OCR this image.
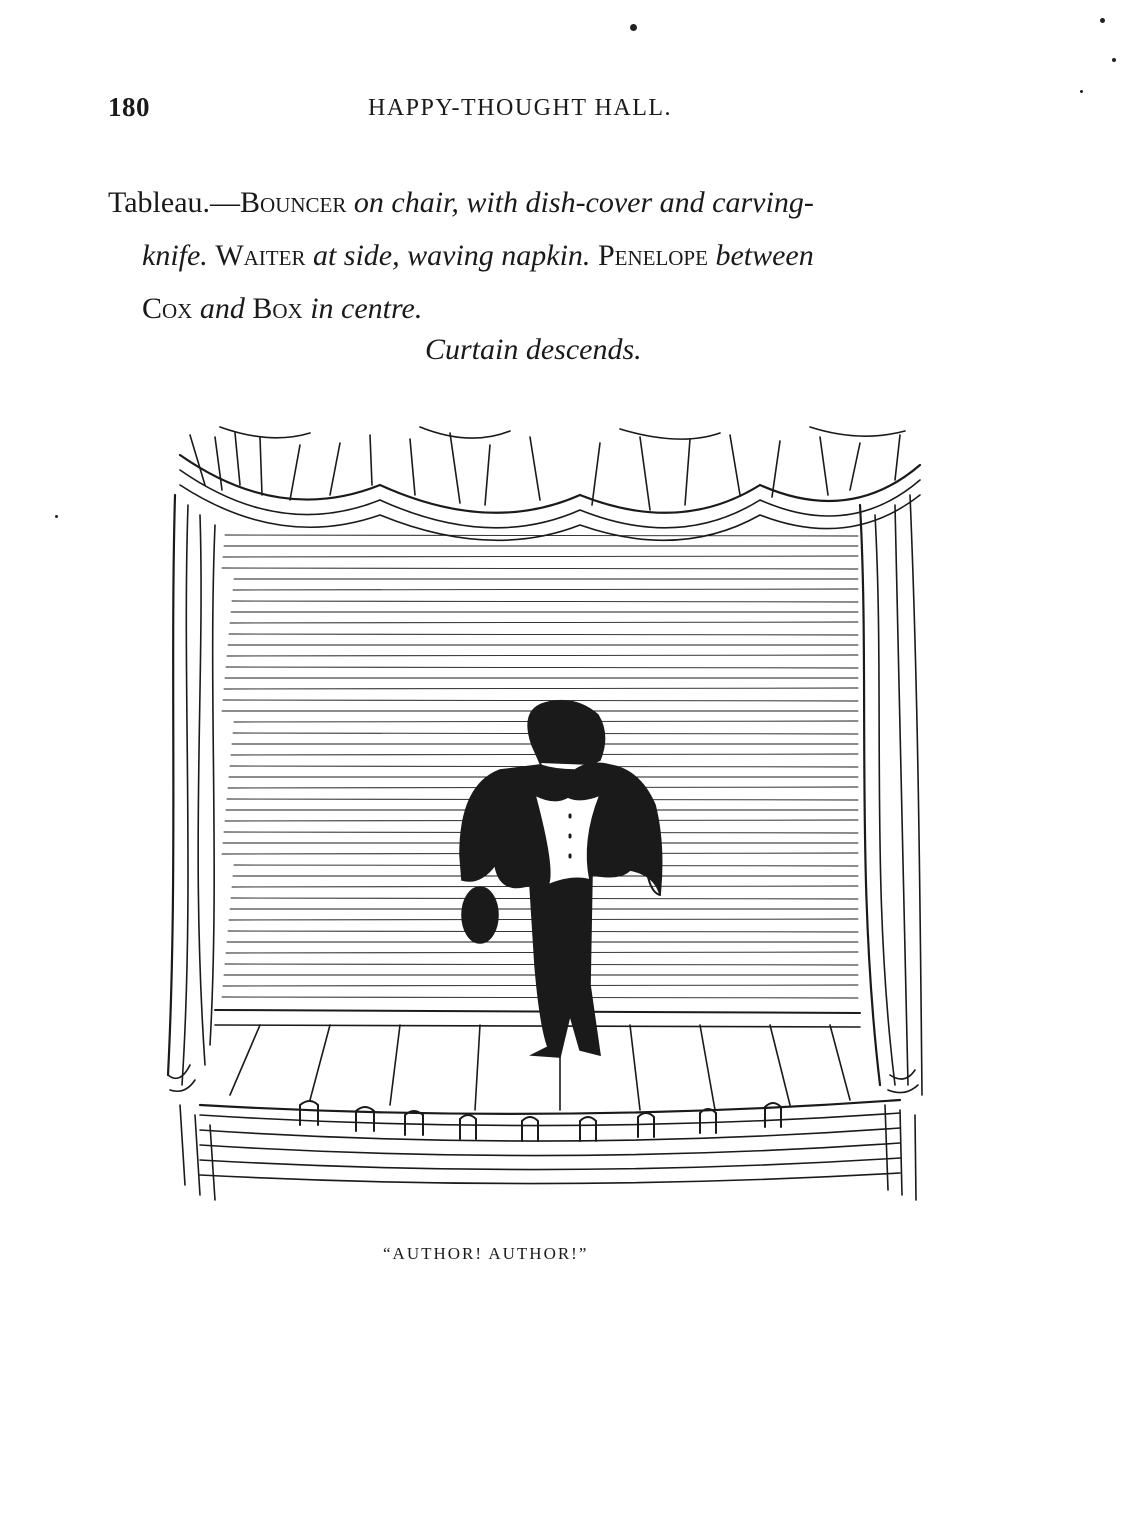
180	HAPPY-THOUGHT HALL.
Tableau.—Bouncer on chair, with dish-cover and carving-
knife. Waiter at side, waving napkin. Penelope between
Cox and Box in centre.
Curtain descends.
“AUTHOR! AUTHOR!”
